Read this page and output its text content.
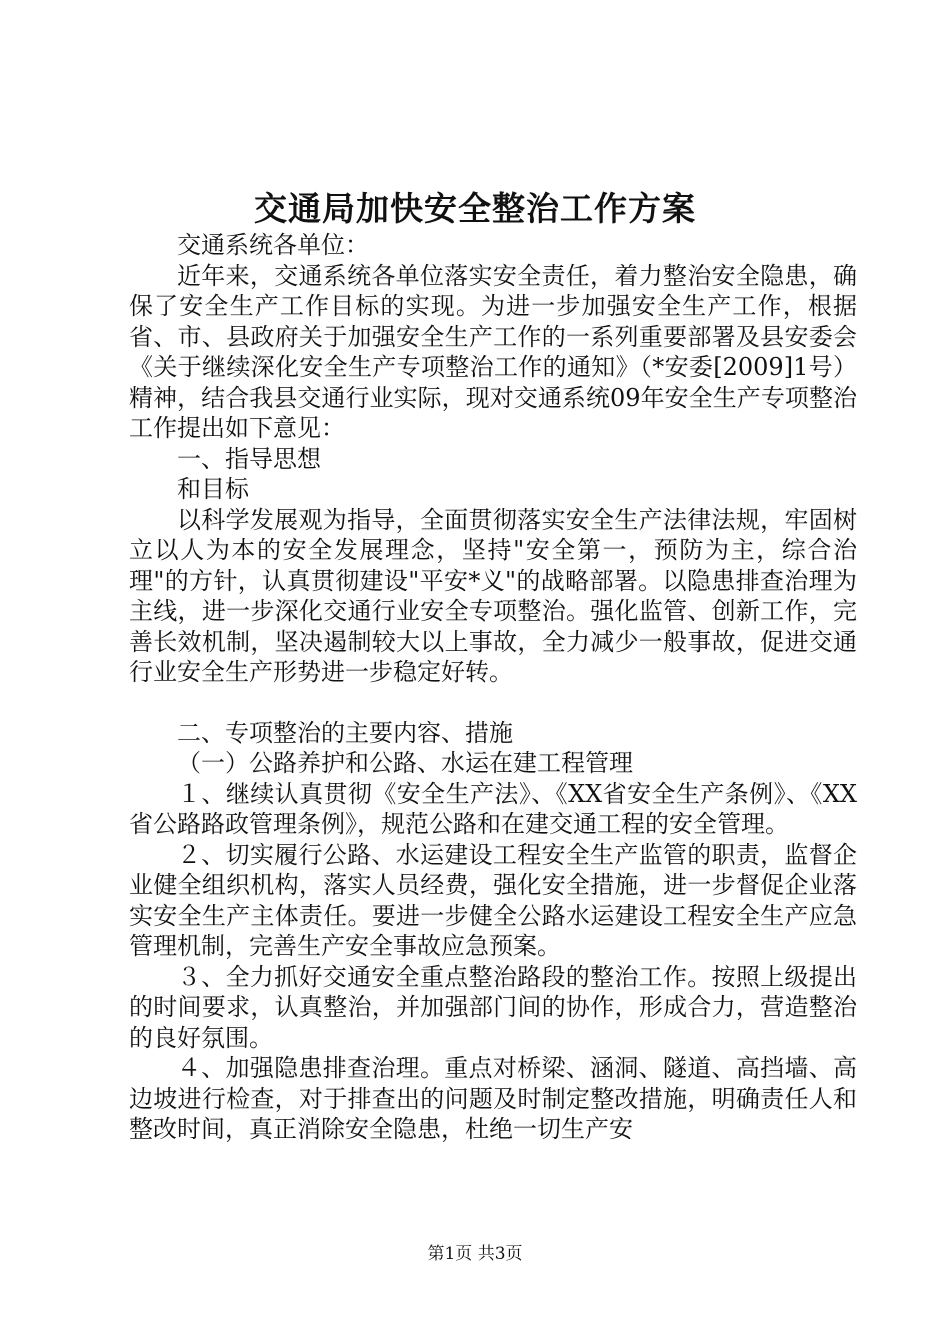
交通局加快安全整治工作方案

交通系统各单位：

近年来，交通系统各单位落实安全责任，着力整治安全隐患，确保了安全生产工作目标的实现。为进一步加强安全生产工作，根据省、市、县政府关于加强安全生产工作的一系列重要部署及县安委会《关于继续深化安全生产专项整治工作的通知》（*安委[2009]1号）精神，结合我县交通行业实际，现对交通系统09年安全生产专项整治工作提出如下意见：

一、指导思想

和目标

以科学发展观为指导，全面贯彻落实安全生产法律法规，牢固树立以人为本的安全发展理念，坚持"安全第一，预防为主，综合治理"的方针，认真贯彻建设"平安*义"的战略部署。以隐患排查治理为主线，进一步深化交通行业安全专项整治。强化监管、创新工作，完善长效机制，坚决遏制较大以上事故，全力减少一般事故，促进交通行业安全生产形势进一步稳定好转。

二、专项整治的主要内容、措施

（一）公路养护和公路、水运在建工程管理

１、继续认真贯彻《安全生产法》、《XX省安全生产条例》、《XX省公路路政管理条例》，规范公路和在建交通工程的安全管理。

２、切实履行公路、水运建设工程安全生产监管的职责，监督企业健全组织机构，落实人员经费，强化安全措施，进一步督促企业落实安全生产主体责任。要进一步健全公路水运建设工程安全生产应急管理机制，完善生产安全事故应急预案。

３、全力抓好交通安全重点整治路段的整治工作。按照上级提出的时间要求，认真整治，并加强部门间的协作，形成合力，营造整治的良好氛围。

４、加强隐患排查治理。重点对桥梁、涵洞、隧道、高挡墙、高边坡进行检查，对于排查出的问题及时制定整改措施，明确责任人和整改时间，真正消除安全隐患，杜绝一切生产安

第1页 共3页
